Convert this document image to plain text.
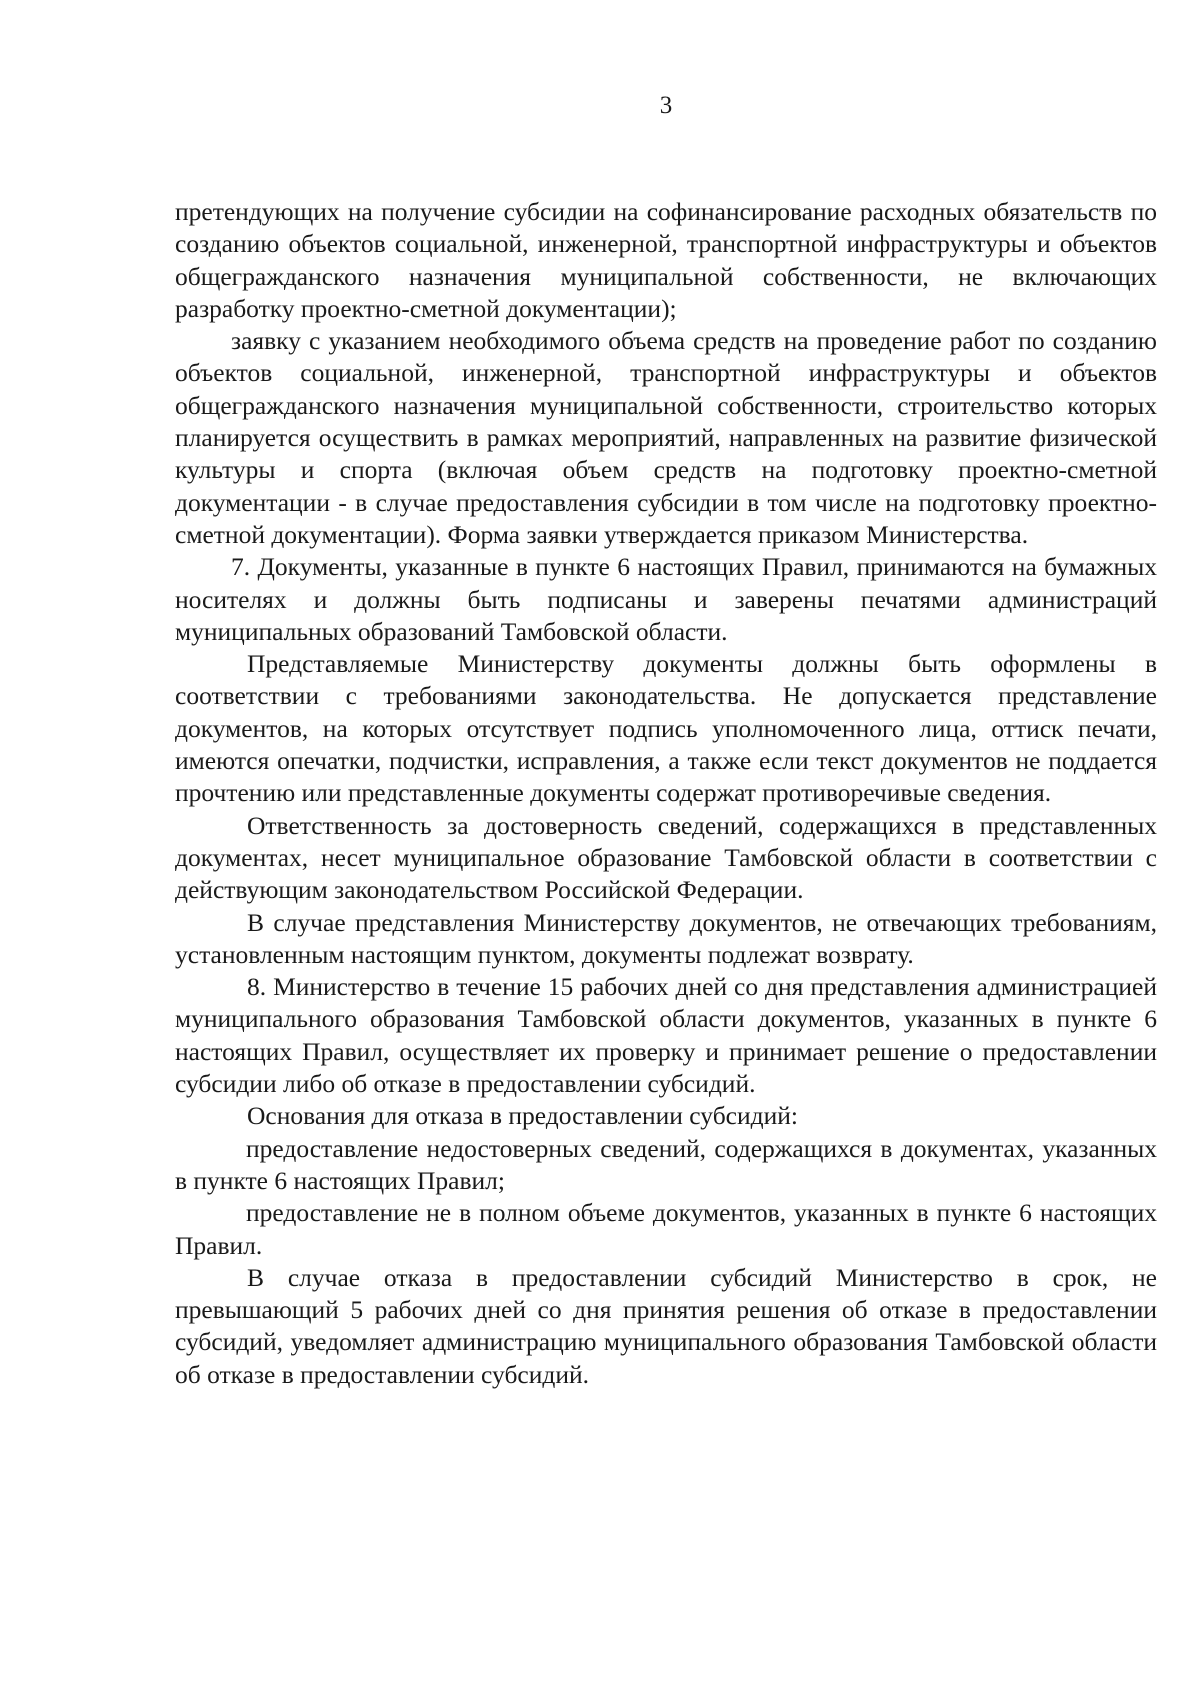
3

претендующих на получение субсидии на софинансирование расходных обязательств по созданию объектов социальной, инженерной, транспортной инфраструктуры и объектов общегражданского назначения муниципальной собственности, не включающих разработку проектно-сметной документации);

заявку с указанием необходимого объема средств на проведение работ по созданию объектов социальной, инженерной, транспортной инфраструктуры и объектов общегражданского назначения муниципальной собственности, строительство которых планируется осуществить в рамках мероприятий, направленных на развитие физической культуры и спорта (включая объем средств на подготовку проектно-сметной документации - в случае предоставления субсидии в том числе на подготовку проектно-сметной документации). Форма заявки утверждается приказом Министерства.

7. Документы, указанные в пункте 6 настоящих Правил, принимаются на бумажных носителях и должны быть подписаны и заверены печатями администраций муниципальных образований Тамбовской области.

Представляемые Министерству документы должны быть оформлены в соответствии с требованиями законодательства. Не допускается представление документов, на которых отсутствует подпись уполномоченного лица, оттиск печати, имеются опечатки, подчистки, исправления, а также если текст документов не поддается прочтению или представленные документы содержат противоречивые сведения.

Ответственность за достоверность сведений, содержащихся в представленных документах, несет муниципальное образование Тамбовской области в соответствии с действующим законодательством Российской Федерации.

В случае представления Министерству документов, не отвечающих требованиям, установленным настоящим пунктом, документы подлежат возврату.

8. Министерство в течение 15 рабочих дней со дня представления администрацией муниципального образования Тамбовской области документов, указанных в пункте 6 настоящих Правил, осуществляет их проверку и принимает решение о предоставлении субсидии либо об отказе в предоставлении субсидий.

Основания для отказа в предоставлении субсидий:

предоставление недостоверных сведений, содержащихся в документах, указанных в пункте 6 настоящих Правил;

предоставление не в полном объеме документов, указанных в пункте 6 настоящих Правил.

В случае отказа в предоставлении субсидий Министерство в срок, не превышающий 5 рабочих дней со дня принятия решения об отказе в предоставлении субсидий, уведомляет администрацию муниципального образования Тамбовской области об отказе в предоставлении субсидий.
